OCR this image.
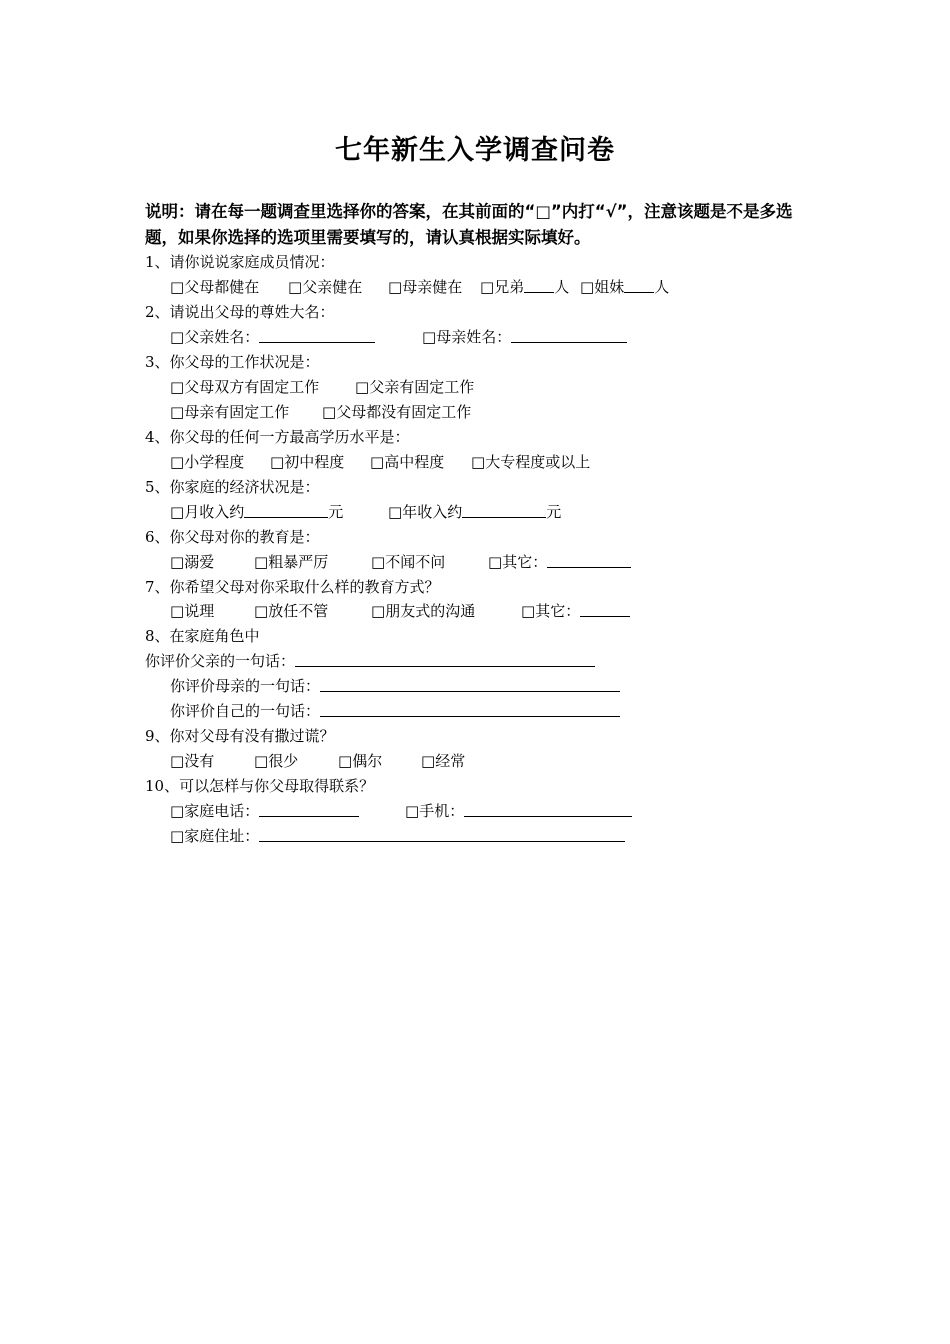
七年新生入学调查问卷
说明：请在每一题调查里选择你的答案，在其前面的“□”内打“√”，注意该题是不是多选题，如果你选择的选项里需要填写的，请认真根据实际填好。
1、请你说说家庭成员情况：
□父母都健在 □父亲健在 □母亲健在 □兄弟 人 □姐妹 人
2、请说出父母的尊姓大名：
□父亲姓名：	□母亲姓名：
3、你父母的工作状况是：
□父母双方有固定工作 □父亲有固定工作
□母亲有固定工作 □父母都没有固定工作
4、你父母的任何一方最高学历水平是：
□小学程度 □初中程度 □高中程度 □大专程度或以上
5、你家庭的经济状况是：
□月收入约	元	□年收入约	元
6、你父母对你的教育是：
□溺爱	□粗暴严厉	□不闻不问	□其它：
7、你希望父母对你采取什么样的教育方式？
□说理	□放任不管	□朋友式的沟通	□其它：
8、在家庭角色中
你评价父亲的一句话：
你评价母亲的一句话：
你评价自己的一句话：
9、你对父母有没有撒过谎？
□没有	□很少	□偶尔	□经常
10、可以怎样与你父母取得联系？
□家庭电话：	□手机：
□家庭住址：
